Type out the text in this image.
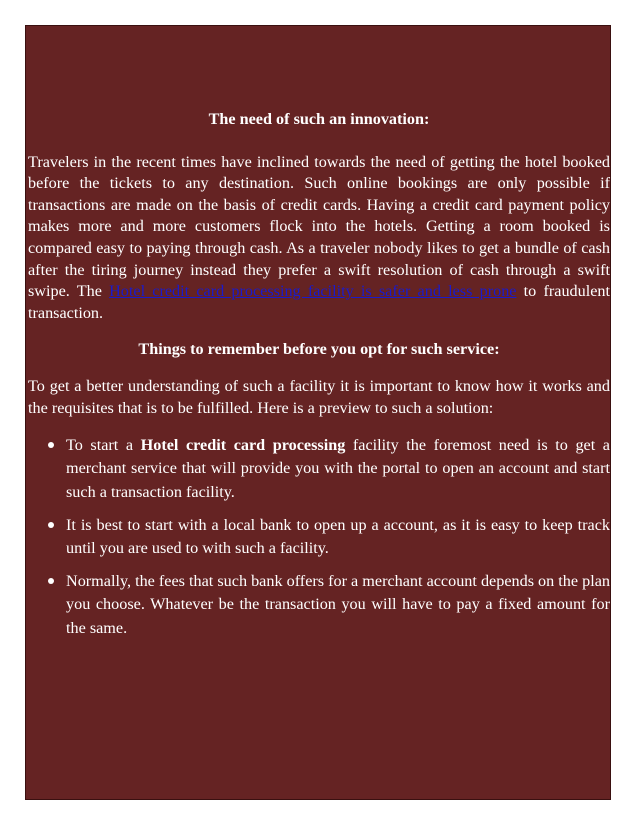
The need of such an innovation:

Travelers in the recent times have inclined towards the need of getting the hotel booked before the tickets to any destination. Such online bookings are only possible if transactions are made on the basis of credit cards. Having a credit card payment policy makes more and more customers flock into the hotels. Getting a room booked is compared easy to paying through cash. As a traveler nobody likes to get a bundle of cash after the tiring journey instead they prefer a swift resolution of cash through a swift swipe. The Hotel credit card processing facility is safer and less prone to fraudulent transaction.

Things to remember before you opt for such service:

To get a better understanding of such a facility it is important to know how it works and the requisites that is to be fulfilled. Here is a preview to such a solution:

To start a Hotel credit card processing facility the foremost need is to get a merchant service that will provide you with the portal to open an account and start such a transaction facility.
It is best to start with a local bank to open up a account, as it is easy to keep track until you are used to with such a facility.
Normally, the fees that such bank offers for a merchant account depends on the plan you choose. Whatever be the transaction you will have to pay a fixed amount for the same.
